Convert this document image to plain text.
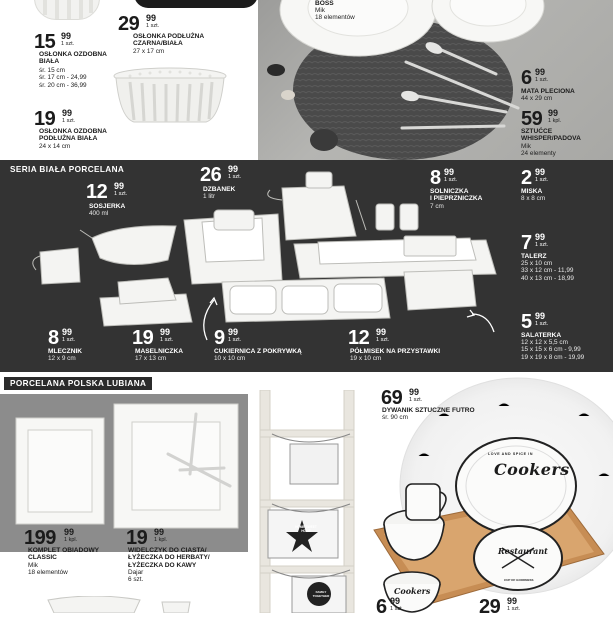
15 99
1 szt.
OSŁONKA OZDOBNA
BIAŁA
śr. 15 cm
śr. 17 cm - 24,99
śr. 20 cm - 36,99
29 99
1 szt.
OSŁONKA PODŁUŻNA
CZARNA/BIAŁA
27 x 17 cm
19 99
1 szt.
OSŁONKA OZDOBNA
PODŁUŻNA BIAŁA
24 x 14 cm
BOSS
Mik
18 elementów
6 99
1 szt.
MATA PLECIONA
44 x 29 cm
59 99
1 kpl.
SZTUĆCE
WHISPER/PADOVA
Mik
24 elementy
SERIA BIAŁA PORCELANA
12 99
1 szt.
SOSJERKA
400 ml
26 99
1 szt.
DZBANEK
1 litr
8 99
1 szt.
SOLNICZKA
I PIEPRZNICZKA
7 cm
2 99
1 szt.
MISKA
8 x 8 cm
7 99
1 szt.
TALERZ
25 x 10 cm
33 x 12 cm - 11,99
40 x 13 cm - 18,99
8 99
1 szt.
MLECZNIK
12 x 9 cm
19 99
1 szt.
MASELNICZKA
17 x 13 cm
9 99
1 szt.
CUKIERNICA Z POKRYWKĄ
10 x 10 cm
12 99
1 szt.
PÓŁMISEK NA PRZYSTAWKI
19 x 10 cm
5 99
1 szt.
SALATERKA
12 x 12 x 5,5 cm
15 x 15 x 6 cm - 9,99
19 x 19 x 8 cm - 19,99
PORCELANA POLSKA LUBIANA
199 99
1 kpl.
KOMPLET OBIADOWY
CLASSIC
Mik
18 elementów
19 99
1 kpl.
WIDELCZYK DO CIASTA/
ŁYŻECZKA DO HERBATY/
ŁYŻECZKA DO KAWY
Dajar
6 szt.
HOME SWEET HOME
FAMILY TOGETHER
69 99
1 szt.
DYWANIK SZTUCZNE FUTRO
śr. 90 cm
LOVE AND SPICE IN
Cookers
Restaurant
CUP OF GOODNESS
Cookers
6 99
1 szt.	29 99
1 szt.
